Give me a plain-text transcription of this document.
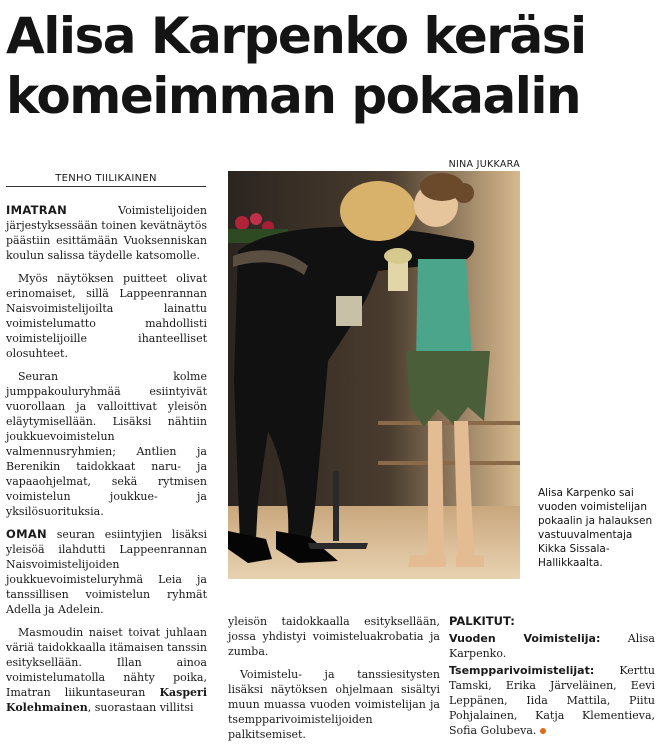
Alisa Karpenko keräsi
komeimman pokaalin
TENHO TIILIKAINEN
NINA JUKKARA
Alisa Karpenko sai vuoden voimistelijan pokaalin ja halauksen vastuuvalmentaja Kikka Sissala-Hallikkaalta.

IMATRAN Voimistelijoiden järjestyksessään toinen kevätnäytös päästiin esittämään Vuoksenniskan koulun salissa täydelle katsomolle.

Myös näytöksen puitteet olivat erinomaiset, sillä Lappeenrannan Naisvoimistelijoilta lainattu voimistelumatto mahdollisti voimistelijoille ihanteelliset olosuhteet.

Seuran kolme jumppakouluryhmää esiintyivät vuorollaan ja valloittivat yleisön eläytymisellään. Lisäksi nähtiin joukkuevoimistelun valmennusryhmien; Antlien ja Berenikin taidokkaat naru- ja vapaaohjelmat, sekä rytmisen voimistelun joukkue- ja yksilösuorituksia.

OMAN seuran esiintyjien lisäksi yleisöä ilahdutti Lappeenrannan Naisvoimistelijoiden joukkuevoimisteluryhmä Leia ja tanssillisen voimistelun ryhmät Adella ja Adelein.

Masmoudin naiset toivat juhlaan väriä taidokkaalla itämaisen tanssin esityksellään. Illan ainoa voimistelumatolla nähty poika, Imatran liikuntaseuran Kasperi Kolehmainen, suorastaan villitsi

yleisön taidokkaalla esityksellään, jossa yhdistyi voimisteluakrobatia ja zumba.

Voimistelu- ja tanssiesitysten lisäksi näytöksen ohjelmaan sisältyi muun muassa vuoden voimistelijan ja tsempparivoimistelijoiden palkitsemiset.

PALKITUT:

Vuoden Voimistelija: Alisa Karpenko.

Tsempparivoimistelijat: Kerttu Tamski, Erika Järveläinen, Eevi Leppänen, Iida Mattila, Piitu Pohjalainen, Katja Klementieva, Sofia Golubeva.
